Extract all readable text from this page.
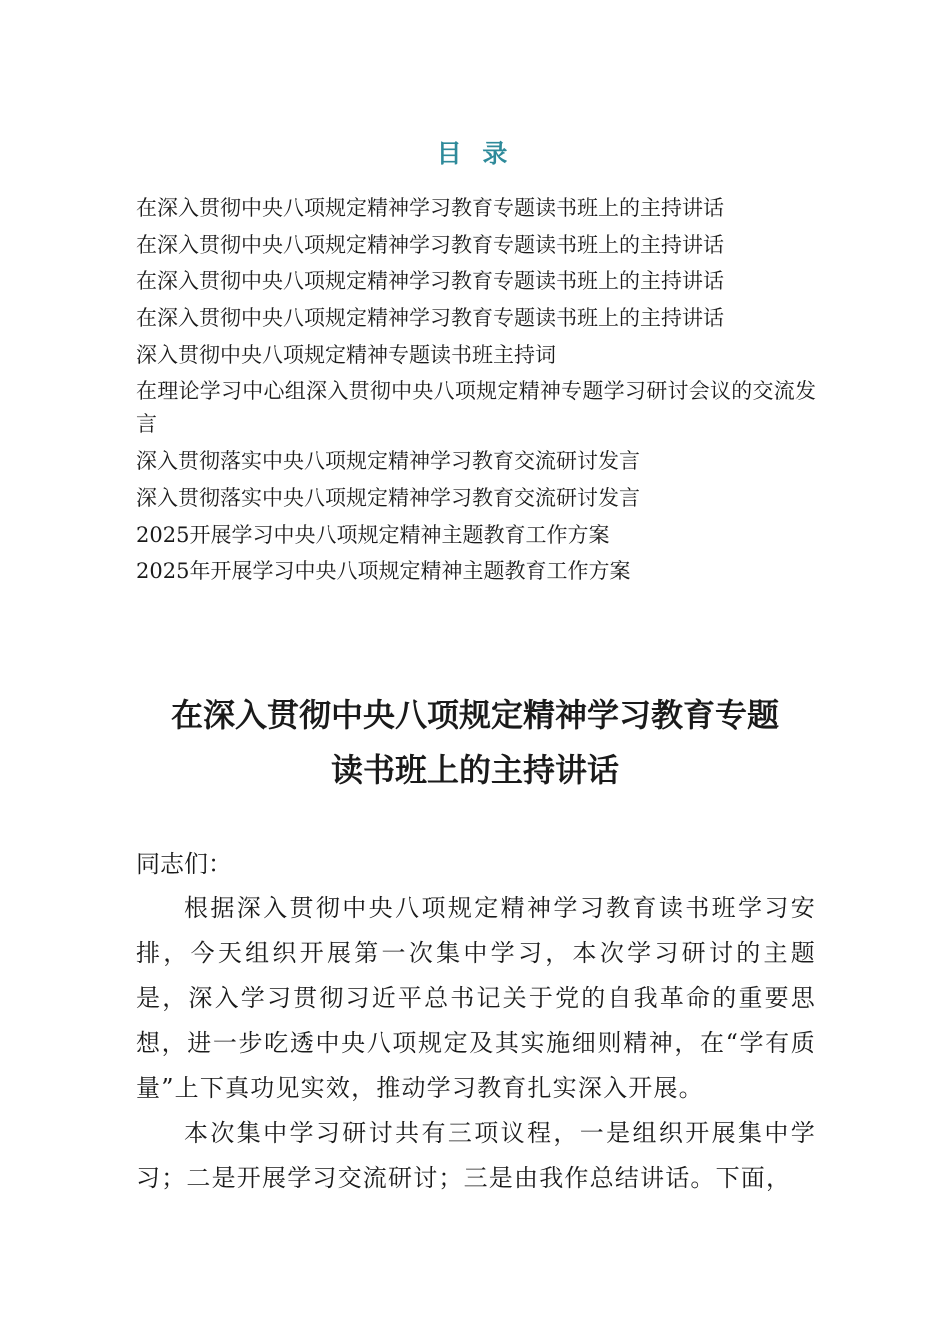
目 录
在深入贯彻中央八项规定精神学习教育专题读书班上的主持讲话
在深入贯彻中央八项规定精神学习教育专题读书班上的主持讲话
在深入贯彻中央八项规定精神学习教育专题读书班上的主持讲话
在深入贯彻中央八项规定精神学习教育专题读书班上的主持讲话
深入贯彻中央八项规定精神专题读书班主持词
在理论学习中心组深入贯彻中央八项规定精神专题学习研讨会议的交流发言
深入贯彻落实中央八项规定精神学习教育交流研讨发言
深入贯彻落实中央八项规定精神学习教育交流研讨发言
2025开展学习中央八项规定精神主题教育工作方案
2025年开展学习中央八项规定精神主题教育工作方案
在深入贯彻中央八项规定精神学习教育专题
读书班上的主持讲话

同志们：

根据深入贯彻中央八项规定精神学习教育读书班学习安排，今天组织开展第一次集中学习，本次学习研讨的主题是，深入学习贯彻习近平总书记关于党的自我革命的重要思想，进一步吃透中央八项规定及其实施细则精神，在“学有质量”上下真功见实效，推动学习教育扎实深入开展。

本次集中学习研讨共有三项议程，一是组织开展集中学习；二是开展学习交流研讨；三是由我作总结讲话。下面，
